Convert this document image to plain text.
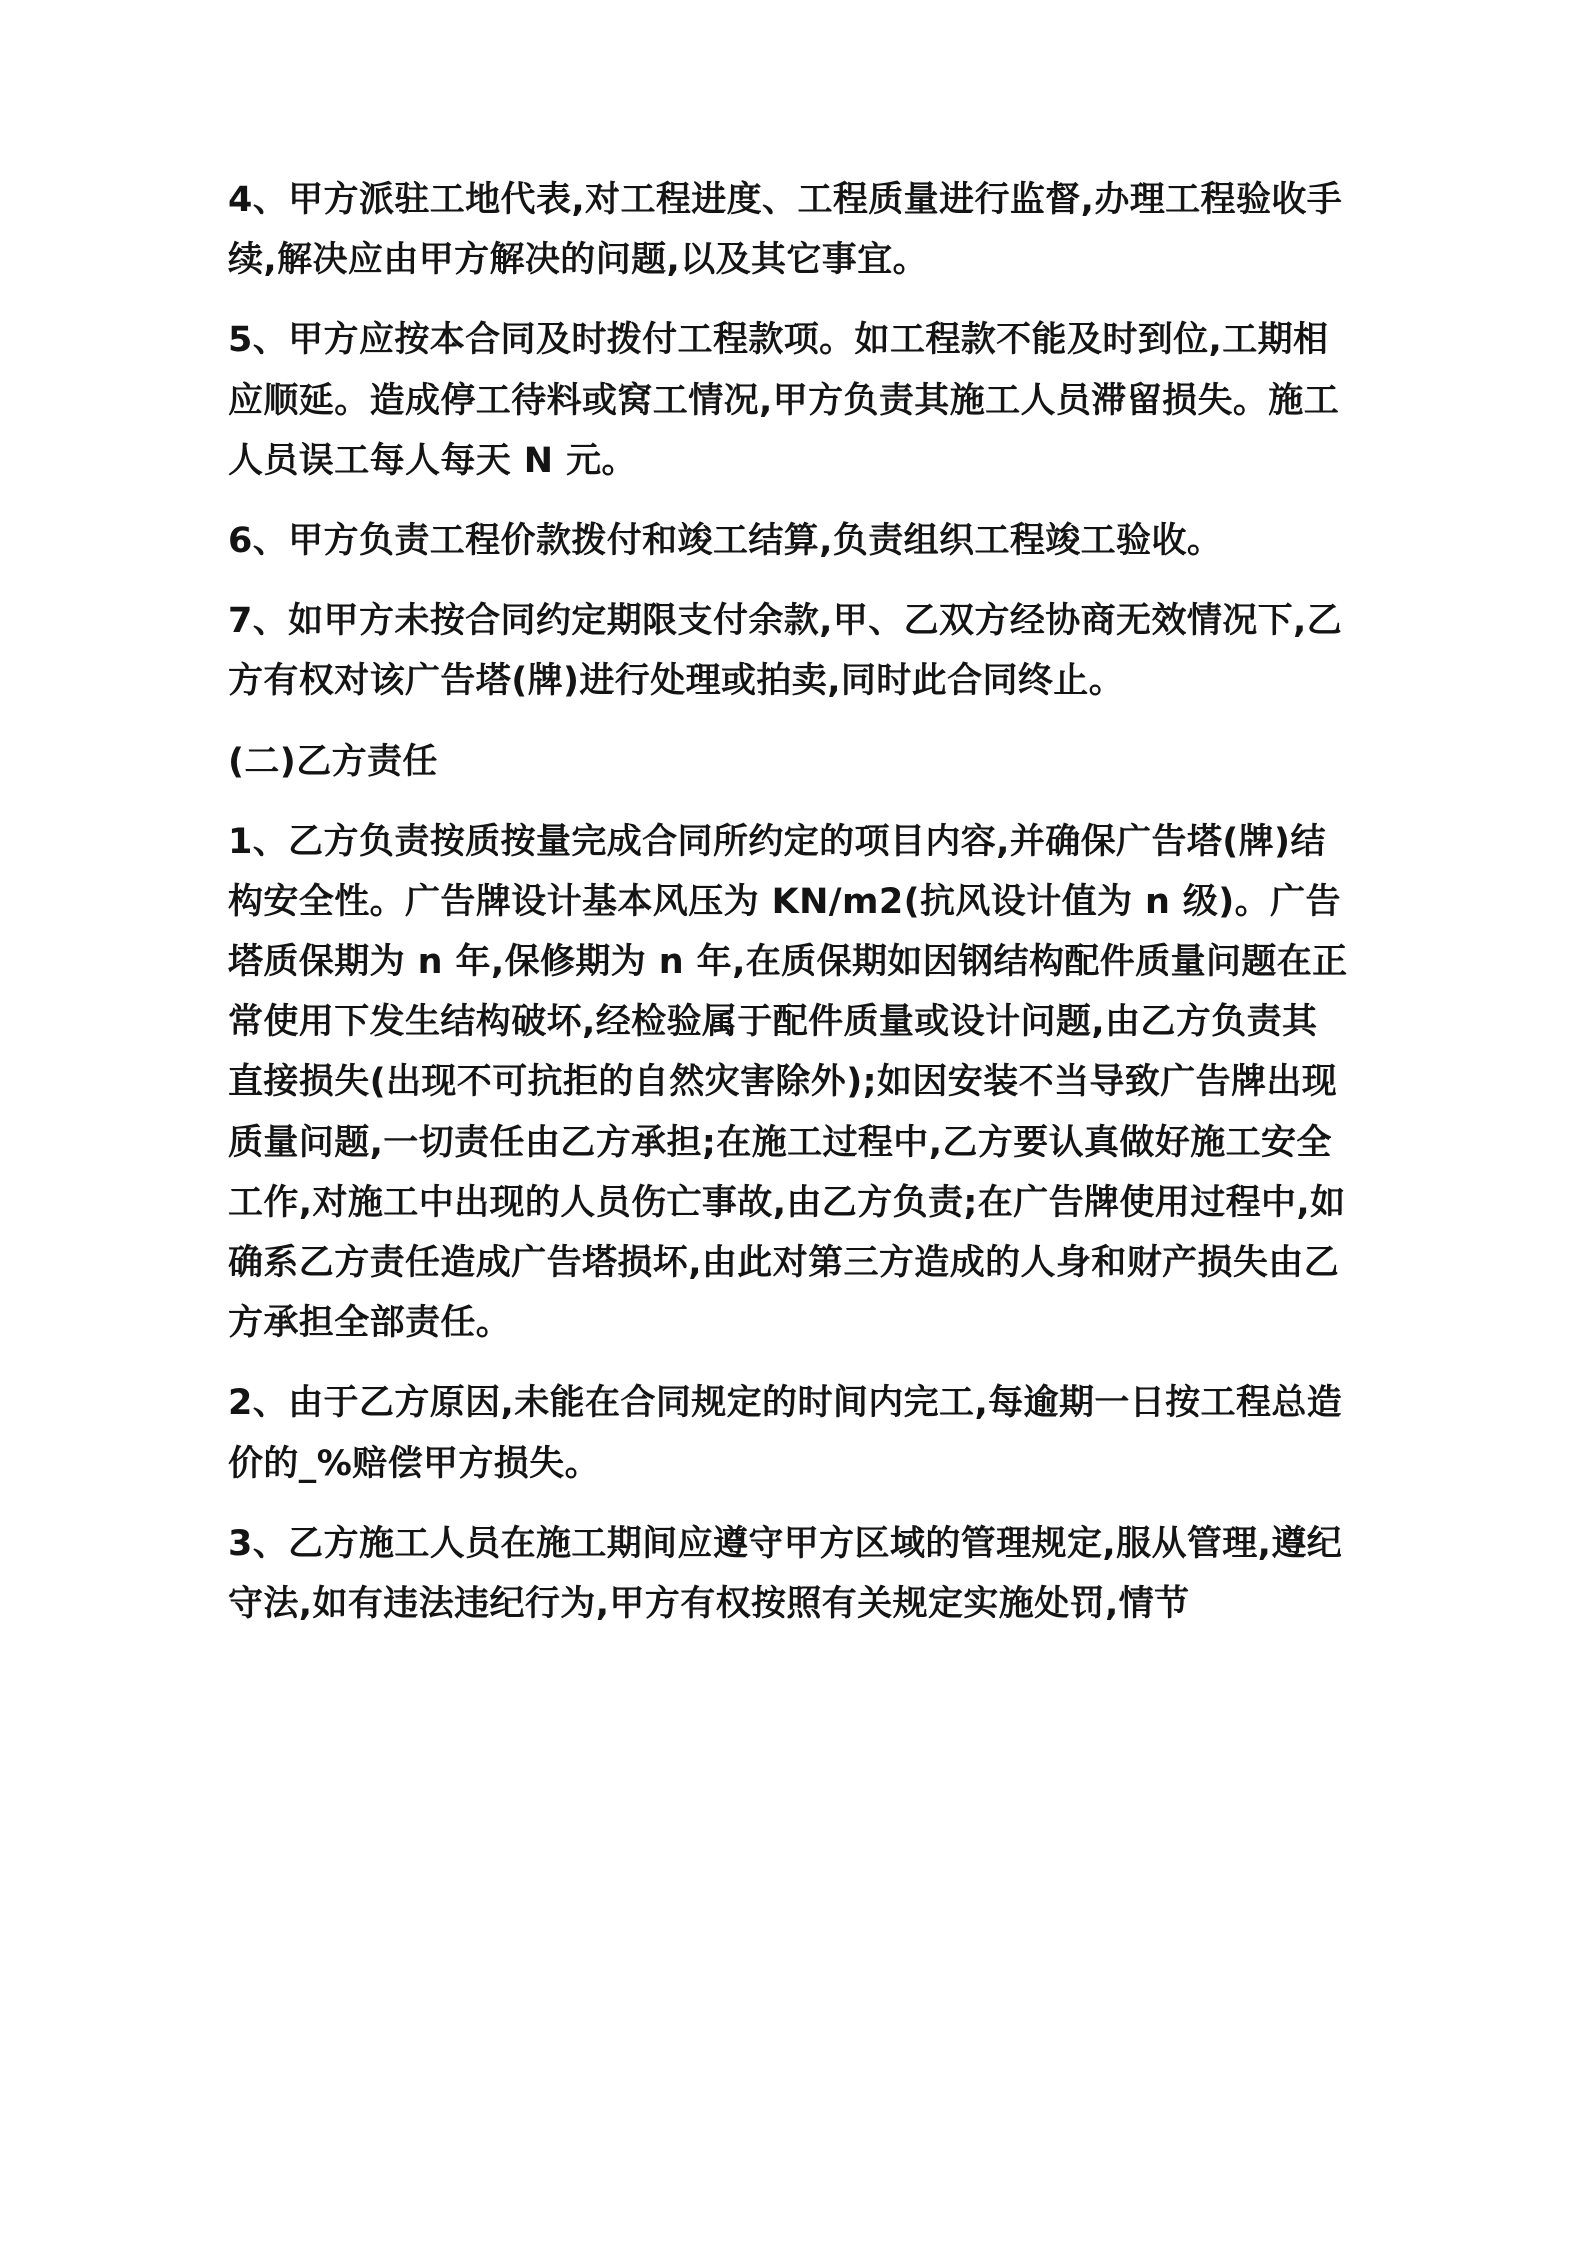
4、甲方派驻工地代表,对工程进度、工程质量进行监督,办理工程验收手续,解决应由甲方解决的问题,以及其它事宜。

5、甲方应按本合同及时拨付工程款项。如工程款不能及时到位,工期相应顺延。造成停工待料或窝工情况,甲方负责其施工人员滞留损失。施工人员误工每人每天 N 元。

6、甲方负责工程价款拨付和竣工结算,负责组织工程竣工验收。

7、如甲方未按合同约定期限支付余款,甲、乙双方经协商无效情况下,乙方有权对该广告塔(牌)进行处理或拍卖,同时此合同终止。

(二)乙方责任

1、乙方负责按质按量完成合同所约定的项目内容,并确保广告塔(牌)结构安全性。广告牌设计基本风压为 KN/m2(抗风设计值为 n 级)。广告塔质保期为 n 年,保修期为 n 年,在质保期如因钢结构配件质量问题在正常使用下发生结构破坏,经检验属于配件质量或设计问题,由乙方负责其直接损失(出现不可抗拒的自然灾害除外);如因安装不当导致广告牌出现质量问题,一切责任由乙方承担;在施工过程中,乙方要认真做好施工安全工作,对施工中出现的人员伤亡事故,由乙方负责;在广告牌使用过程中,如确系乙方责任造成广告塔损坏,由此对第三方造成的人身和财产损失由乙方承担全部责任。

2、由于乙方原因,未能在合同规定的时间内完工,每逾期一日按工程总造价的_%赔偿甲方损失。

3、乙方施工人员在施工期间应遵守甲方区域的管理规定,服从管理,遵纪守法,如有违法违纪行为,甲方有权按照有关规定实施处罚,情节
